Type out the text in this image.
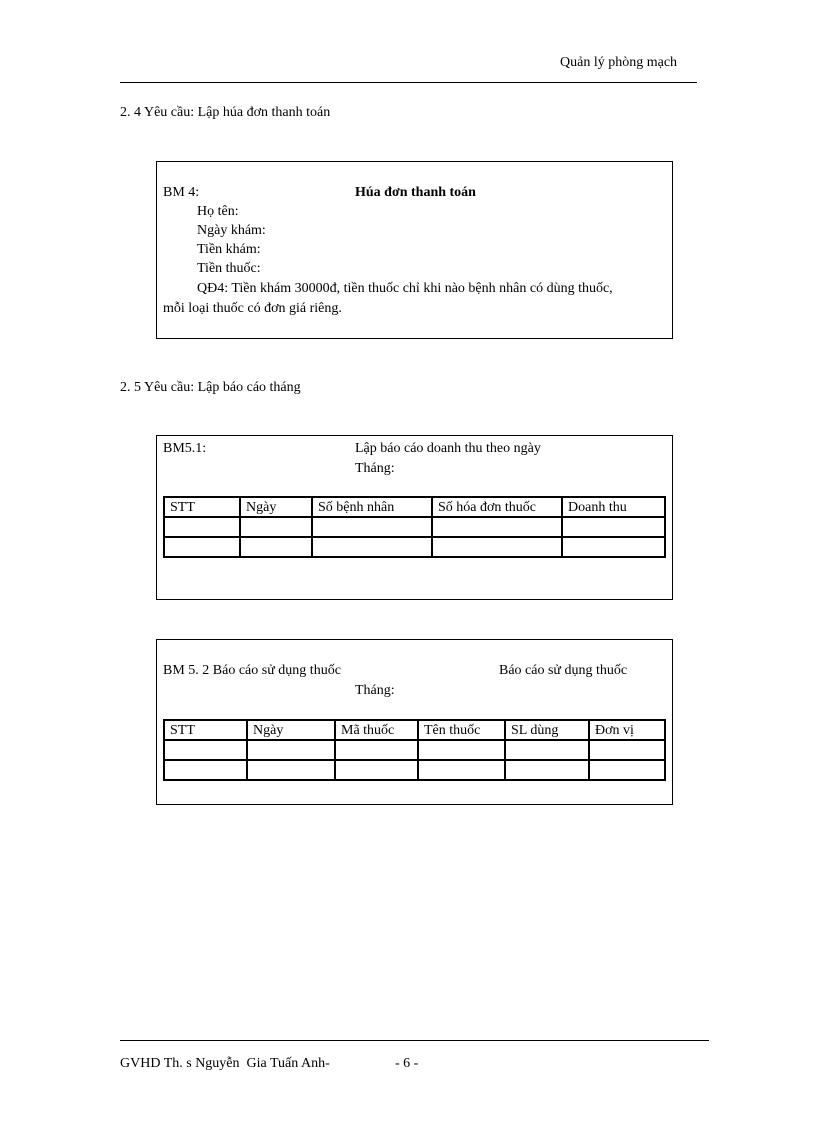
Quản lý phòng mạch
2. 4 Yêu cầu: Lập húa đơn thanh toán
BM 4:	Húa đơn thanh toán
Họ tên:
Ngày khám:
Tiền khám:
Tiền thuốc:
QĐ4: Tiền khám 30000đ, tiền thuốc chỉ khi nào bệnh nhân có dùng thuốc,
mỗi loại thuốc có đơn giá riêng.
2. 5 Yêu cầu: Lập báo cáo tháng
BM5.1:	Lập báo cáo doanh thu theo ngày
Tháng:
STT	Ngày	Số bệnh nhân	Số hóa đơn thuốc	Doanh thu

BM 5. 2 Báo cáo sử dụng thuốc	Báo cáo sử dụng thuốc
Tháng:
STT	Ngày	Mã thuốc	Tên thuốc	SL dùng	Đơn vị

GVHD Th. s Nguyễn  Gia Tuấn Anh-	- 6 -
